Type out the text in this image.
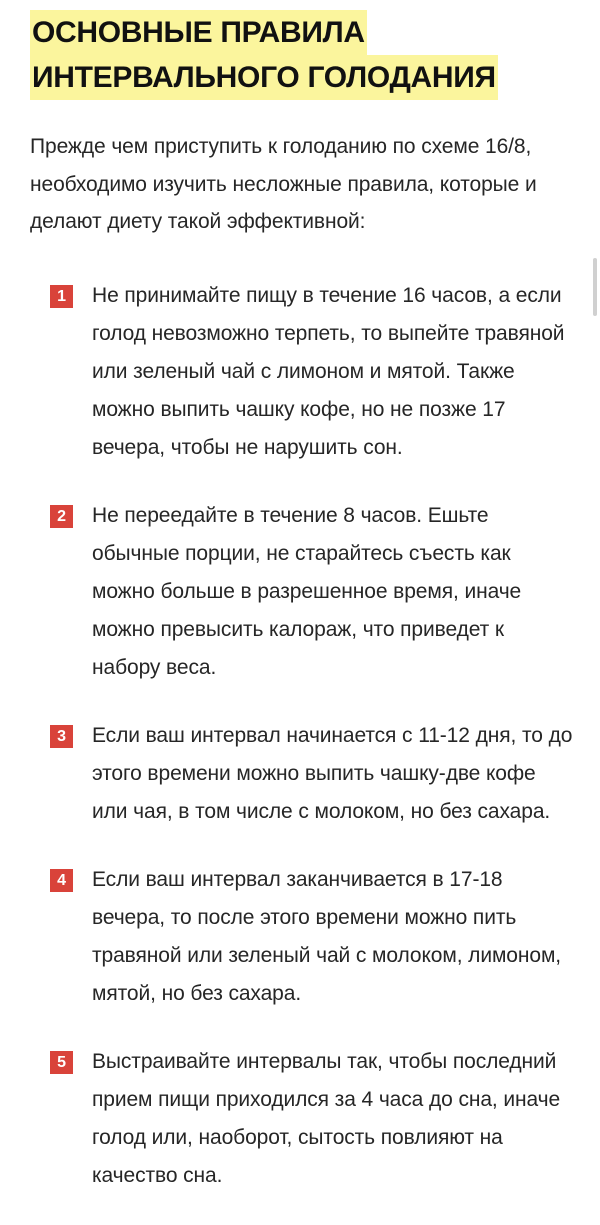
ОСНОВНЫЕ ПРАВИЛА
ИНТЕРВАЛЬНОГО ГОЛОДАНИЯ

Прежде чем приступить к голоданию по схеме 16/8, необходимо изучить несложные правила, которые и делают диету такой эффективной:

1	Не принимайте пищу в течение 16 часов, а если голод невозможно терпеть, то выпейте травяной или зеленый чай с лимоном и мятой. Также можно выпить чашку кофе, но не позже 17 вечера, чтобы не нарушить сон.
2	Не переедайте в течение 8 часов. Ешьте обычные порции, не старайтесь съесть как можно больше в разрешенное время, иначе можно превысить калораж, что приведет к набору веса.
3	Если ваш интервал начинается с 11-12 дня, то до этого времени можно выпить чашку-две кофе или чая, в том числе с молоком, но без сахара.
4	Если ваш интервал заканчивается в 17-18 вечера, то после этого времени можно пить травяной или зеленый чай с молоком, лимоном, мятой, но без сахара.
5	Выстраивайте интервалы так, чтобы последний прием пищи приходился за 4 часа до сна, иначе голод или, наоборот, сытость повлияют на качество сна.
